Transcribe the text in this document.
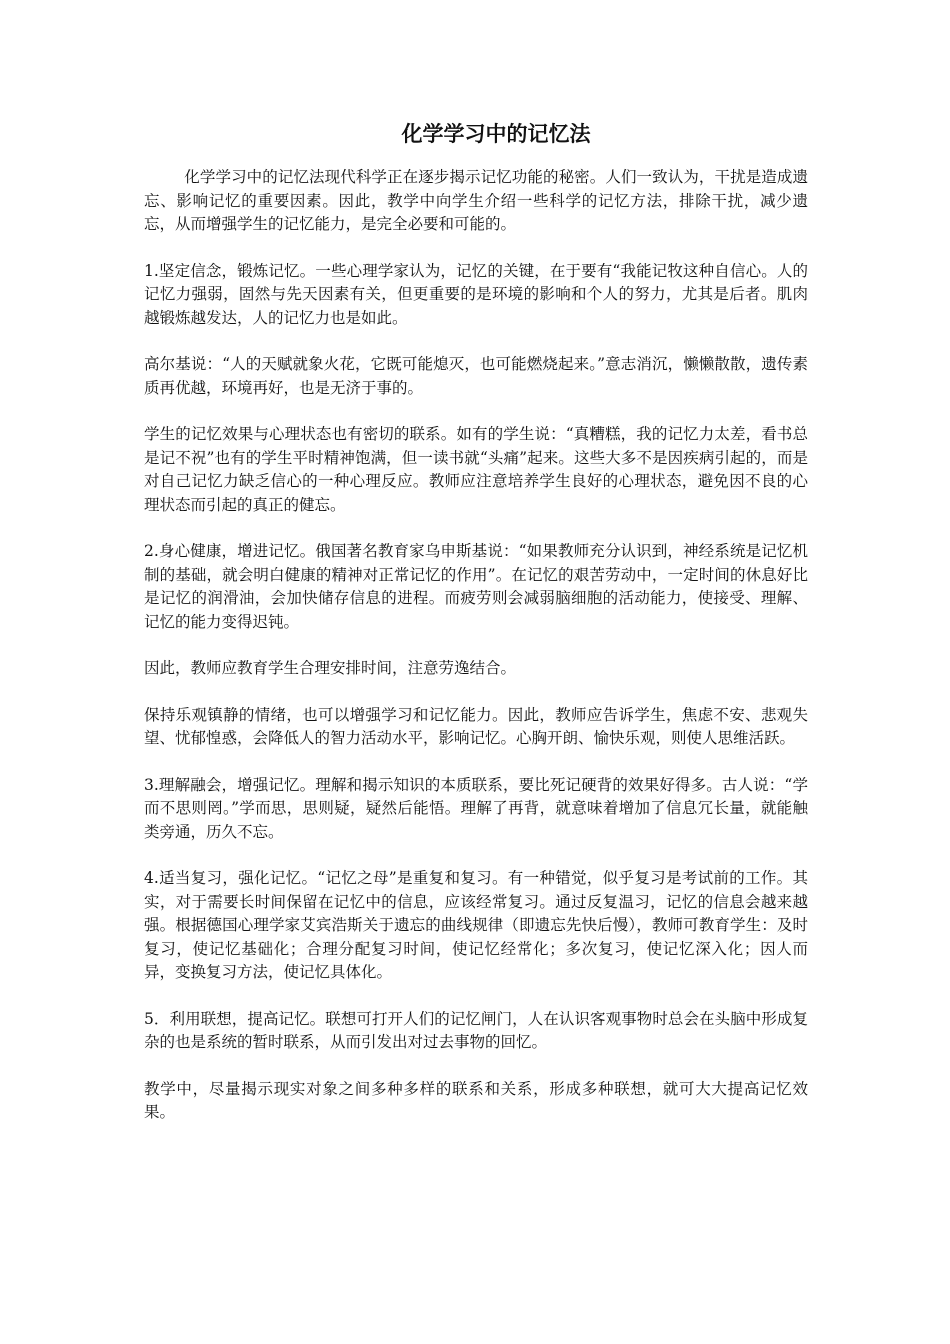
化学学习中的记忆法

化学学习中的记忆法现代科学正在逐步揭示记忆功能的秘密。人们一致认为，干扰是造成遗忘、影响记忆的重要因素。因此，教学中向学生介绍一些科学的记忆方法，排除干扰，减少遗忘，从而增强学生的记忆能力，是完全必要和可能的。

1.坚定信念，锻炼记忆。一些心理学家认为，记忆的关键，在于要有“我能记牧这种自信心。人的记忆力强弱，固然与先天因素有关，但更重要的是环境的影响和个人的努力，尤其是后者。肌肉越锻炼越发达，人的记忆力也是如此。

高尔基说：“人的天赋就象火花，它既可能熄灭，也可能燃烧起来。”意志消沉，懒懒散散，遗传素质再优越，环境再好，也是无济于事的。

学生的记忆效果与心理状态也有密切的联系。如有的学生说：“真糟糕，我的记忆力太差，看书总是记不祝”也有的学生平时精神饱满，但一读书就“头痛”起来。这些大多不是因疾病引起的，而是对自己记忆力缺乏信心的一种心理反应。教师应注意培养学生良好的心理状态，避免因不良的心理状态而引起的真正的健忘。

2.身心健康，增进记忆。俄国著名教育家乌申斯基说：“如果教师充分认识到，神经系统是记忆机制的基础，就会明白健康的精神对正常记忆的作用”。在记忆的艰苦劳动中，一定时间的休息好比是记忆的润滑油，会加快储存信息的进程。而疲劳则会减弱脑细胞的活动能力，使接受、理解、记忆的能力变得迟钝。

因此，教师应教育学生合理安排时间，注意劳逸结合。

保持乐观镇静的情绪，也可以增强学习和记忆能力。因此，教师应告诉学生，焦虑不安、悲观失望、忧郁惶惑，会降低人的智力活动水平，影响记忆。心胸开朗、愉快乐观，则使人思维活跃。

3.理解融会，增强记忆。理解和揭示知识的本质联系，要比死记硬背的效果好得多。古人说：“学而不思则罔。”学而思，思则疑，疑然后能悟。理解了再背，就意味着增加了信息冗长量，就能触类旁通，历久不忘。

4.适当复习，强化记忆。“记忆之母”是重复和复习。有一种错觉，似乎复习是考试前的工作。其实，对于需要长时间保留在记忆中的信息，应该经常复习。通过反复温习，记忆的信息会越来越强。根据德国心理学家艾宾浩斯关于遗忘的曲线规律（即遗忘先快后慢），教师可教育学生：及时复习，使记忆基础化；合理分配复习时间，使记忆经常化；多次复习，使记忆深入化；因人而异，变换复习方法，使记忆具体化。

5．利用联想，提高记忆。联想可打开人们的记忆闸门，人在认识客观事物时总会在头脑中形成复杂的也是系统的暂时联系，从而引发出对过去事物的回忆。

教学中，尽量揭示现实对象之间多种多样的联系和关系，形成多种联想，就可大大提高记忆效果。
